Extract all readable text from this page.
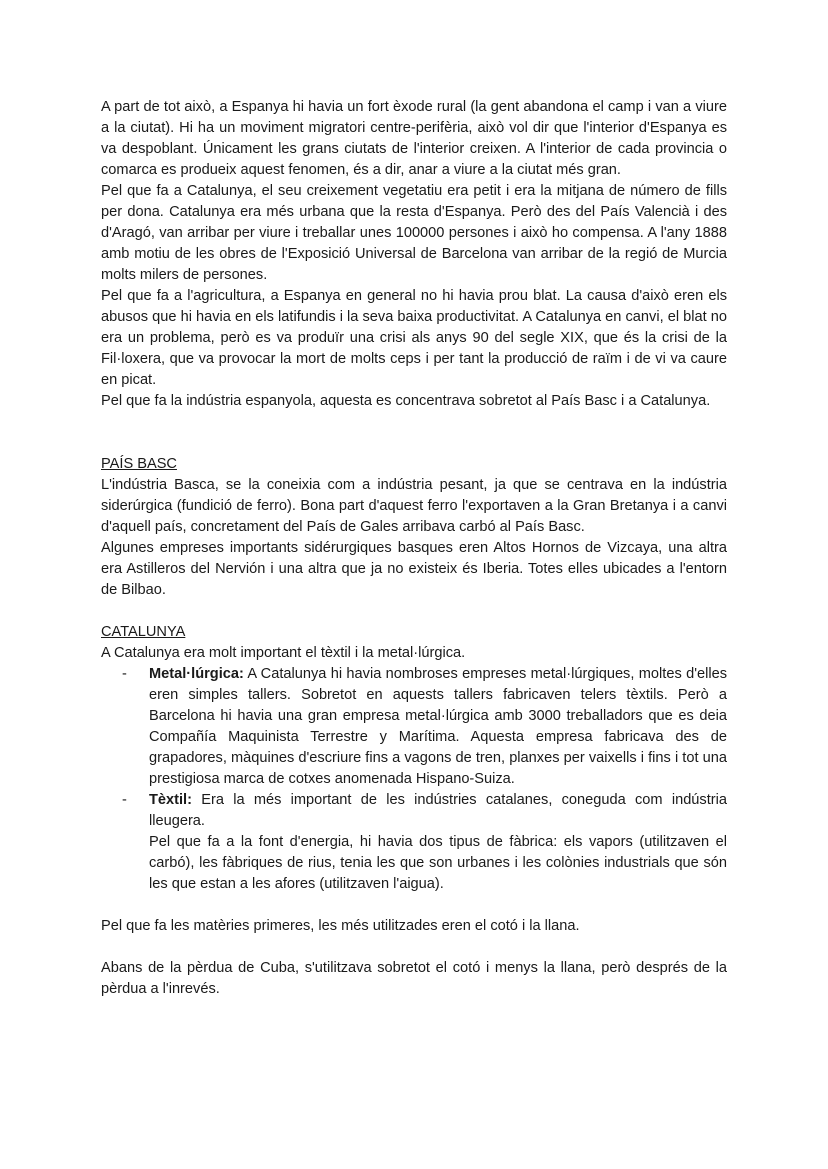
A part de tot això, a Espanya hi havia un fort èxode rural (la gent abandona el camp i van a viure a la ciutat). Hi ha un moviment migratori centre-perifèria, això vol dir que l'interior d'Espanya es va despoblant. Únicament les grans ciutats de l'interior creixen. A l'interior de cada provincia o comarca es produeix aquest fenomen, és a dir, anar a viure a la ciutat més gran.

Pel que fa a Catalunya, el seu creixement vegetatiu era petit i era la mitjana de número de fills per dona. Catalunya era més urbana que la resta d'Espanya. Però des del País Valencià i des d'Aragó, van arribar per viure i treballar unes 100000 persones i això ho compensa. A l'any 1888 amb motiu de les obres de l'Exposició Universal de Barcelona van arribar de la regió de Murcia molts milers de persones.

Pel que fa a l'agricultura, a Espanya en general no hi havia prou blat. La causa d'això eren els abusos que hi havia en els latifundis i la seva baixa productivitat. A Catalunya en canvi, el blat no era un problema, però es va produïr una crisi als anys 90 del segle XIX, que és la crisi de la Fil·loxera, que va provocar la mort de molts ceps i per tant la producció de raïm i de vi va caure en picat.

Pel que fa la indústria espanyola, aquesta es concentrava sobretot al País Basc i a Catalunya.

PAÍS BASC

L'indústria Basca, se la coneixia com a indústria pesant, ja que se centrava en la indústria siderúrgica (fundició de ferro). Bona part d'aquest ferro l'exportaven a la Gran Bretanya i a canvi d'aquell país, concretament del País de Gales arribava carbó al País Basc.

Algunes empreses importants sidérurgiques basques eren Altos Hornos de Vizcaya, una altra era Astilleros del Nervión i una altra que ja no existeix és Iberia. Totes elles ubicades a l'entorn de Bilbao.

CATALUNYA

A Catalunya era molt important el tèxtil i la metal·lúrgica.

- Metal·lúrgica: A Catalunya hi havia nombroses empreses metal·lúrgiques, moltes d'elles eren simples tallers. Sobretot en aquests tallers fabricaven telers tèxtils. Però a Barcelona hi havia una gran empresa metal·lúrgica amb 3000 treballadors que es deia Compañía Maquinista Terrestre y Marítima. Aquesta empresa fabricava des de grapadores, màquines d'escriure fins a vagons de tren, planxes per vaixells i fins i tot una prestigiosa marca de cotxes anomenada Hispano-Suiza.

- Tèxtil: Era la més important de les indústries catalanes, coneguda com indústria lleugera.

Pel que fa a la font d'energia, hi havia dos tipus de fàbrica: els vapors (utilitzaven el carbó), les fàbriques de rius, tenia les que son urbanes i les colònies industrials que són les que estan a les afores (utilitzaven l'aigua).

Pel que fa les matèries primeres, les més utilitzades eren el cotó i la llana.

Abans de la pèrdua de Cuba, s'utilitzava sobretot el cotó i menys la llana, però després de la pèrdua a l'inrevés.
